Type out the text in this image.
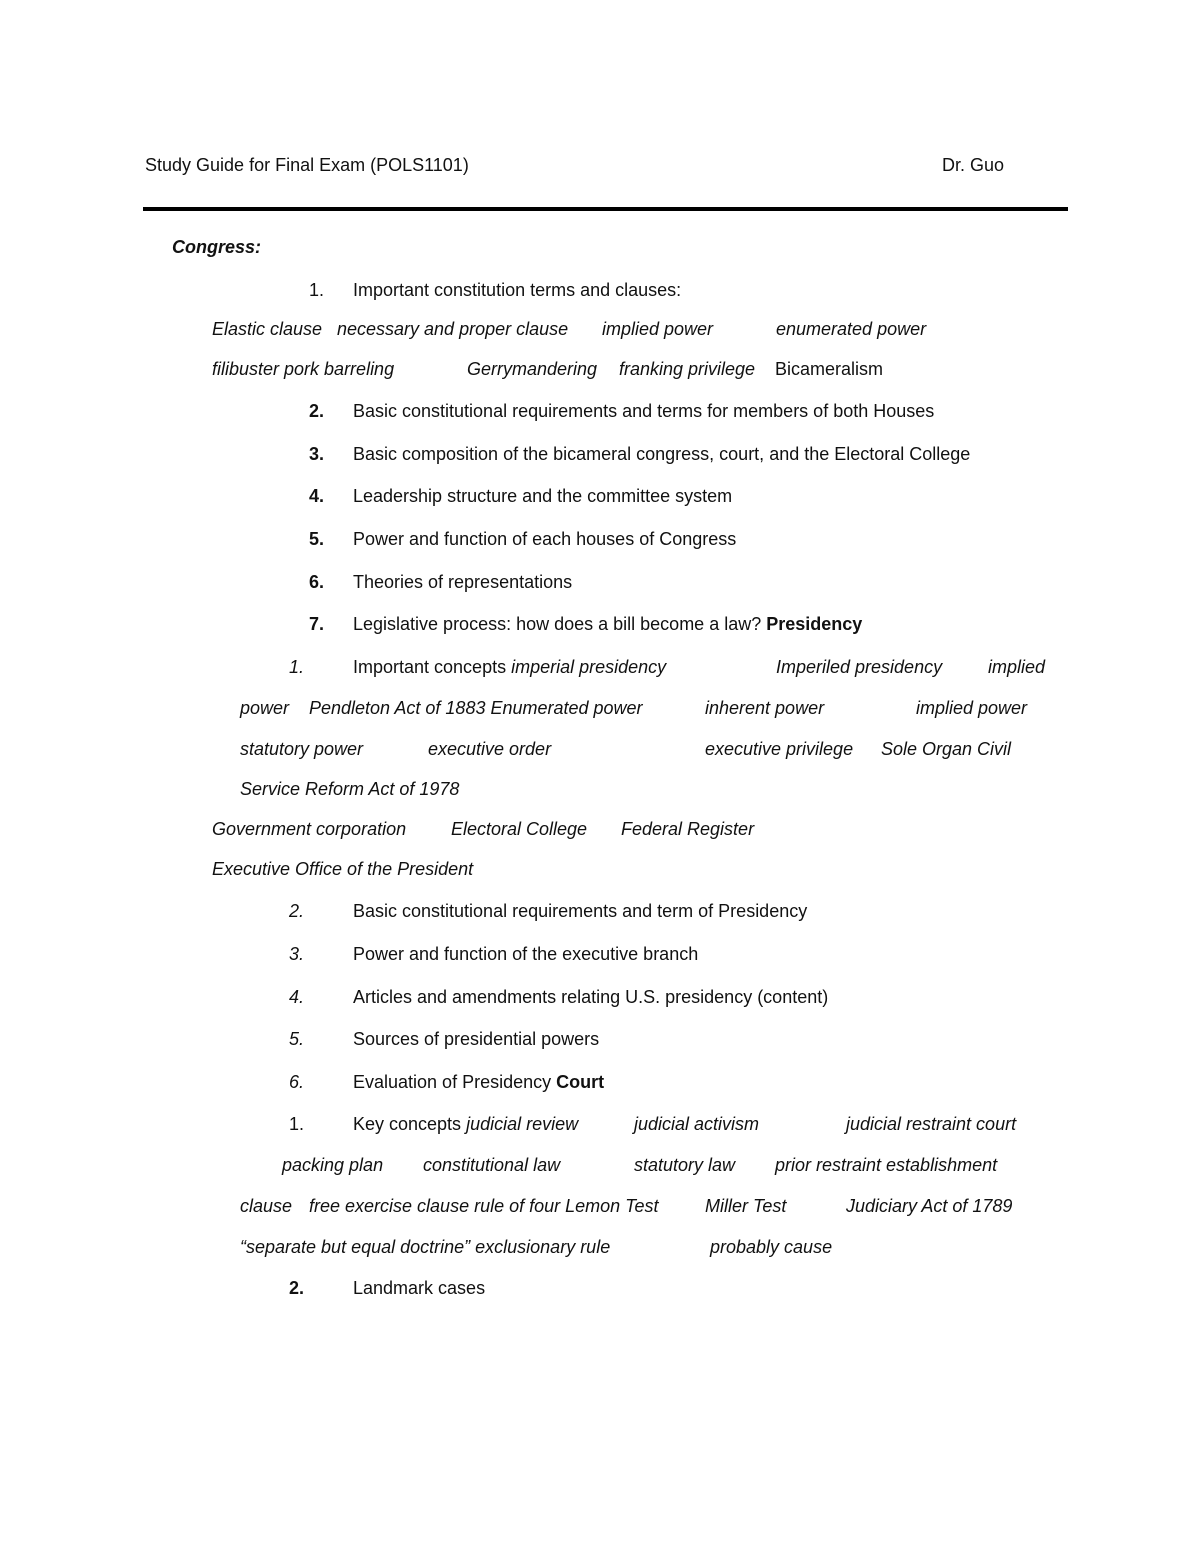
Study Guide for Final Exam (POLS1101)	Dr. Guo
Congress:
1. Important constitution terms and clauses:
Elastic clause necessary and proper clause implied power	enumerated power
filibuster pork barreling	Gerrymandering franking privilege Bicameralism
2. Basic constitutional requirements and terms for members of both Houses
3. Basic composition of the bicameral congress, court, and the Electoral College
4. Leadership structure and the committee system
5. Power and function of each houses of Congress
6. Theories of representations
7. Legislative process: how does a bill become a law? Presidency
1.	Important concepts imperial presidency	Imperiled presidency	implied
power Pendleton Act of 1883 Enumerated power	inherent power	implied power
statutory power	executive order	executive privilege Sole Organ Civil
Service Reform Act of 1978
Government corporation Electoral College Federal Register
Executive Office of the President
2.	Basic constitutional requirements and term of Presidency
3.	Power and function of the executive branch
4.	Articles and amendments relating U.S. presidency (content)
5.	Sources of presidential powers
6.	Evaluation of Presidency Court
1.	Key concepts judicial review	judicial activism	judicial restraint court
packing plan constitutional law	statutory law prior restraint establishment
clause free exercise clause rule of four Lemon Test	Miller Test	Judiciary Act of 1789
“separate but equal doctrine” exclusionary rule	probably cause
2.	Landmark cases
